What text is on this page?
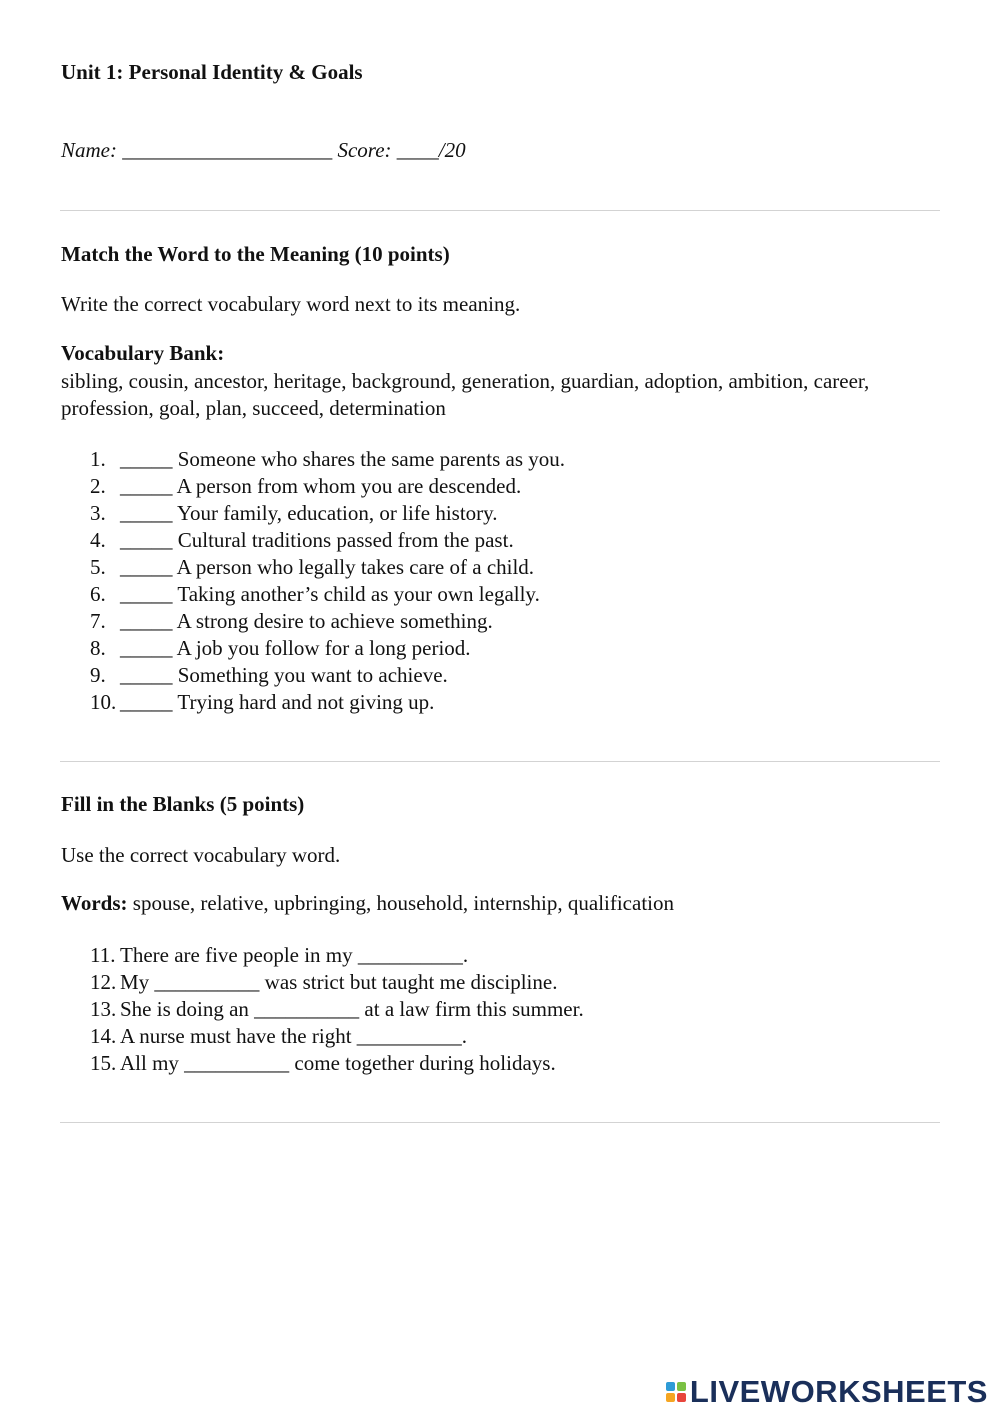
Unit 1: Personal Identity & Goals
Name: ____________________ Score: ____/20
Match the Word to the Meaning (10 points)
Write the correct vocabulary word next to its meaning.
Vocabulary Bank:
sibling, cousin, ancestor, heritage, background, generation, guardian, adoption, ambition, career, profession, goal, plan, succeed, determination
1. _____ Someone who shares the same parents as you.
2. _____ A person from whom you are descended.
3. _____ Your family, education, or life history.
4. _____ Cultural traditions passed from the past.
5. _____ A person who legally takes care of a child.
6. _____ Taking another’s child as your own legally.
7. _____ A strong desire to achieve something.
8. _____ A job you follow for a long period.
9. _____ Something you want to achieve.
10. _____ Trying hard and not giving up.
Fill in the Blanks (5 points)
Use the correct vocabulary word.
Words: spouse, relative, upbringing, household, internship, qualification
11. There are five people in my __________.
12. My __________ was strict but taught me discipline.
13. She is doing an __________ at a law firm this summer.
14. A nurse must have the right __________.
15. All my __________ come together during holidays.
LIVEWORKSHEETS
